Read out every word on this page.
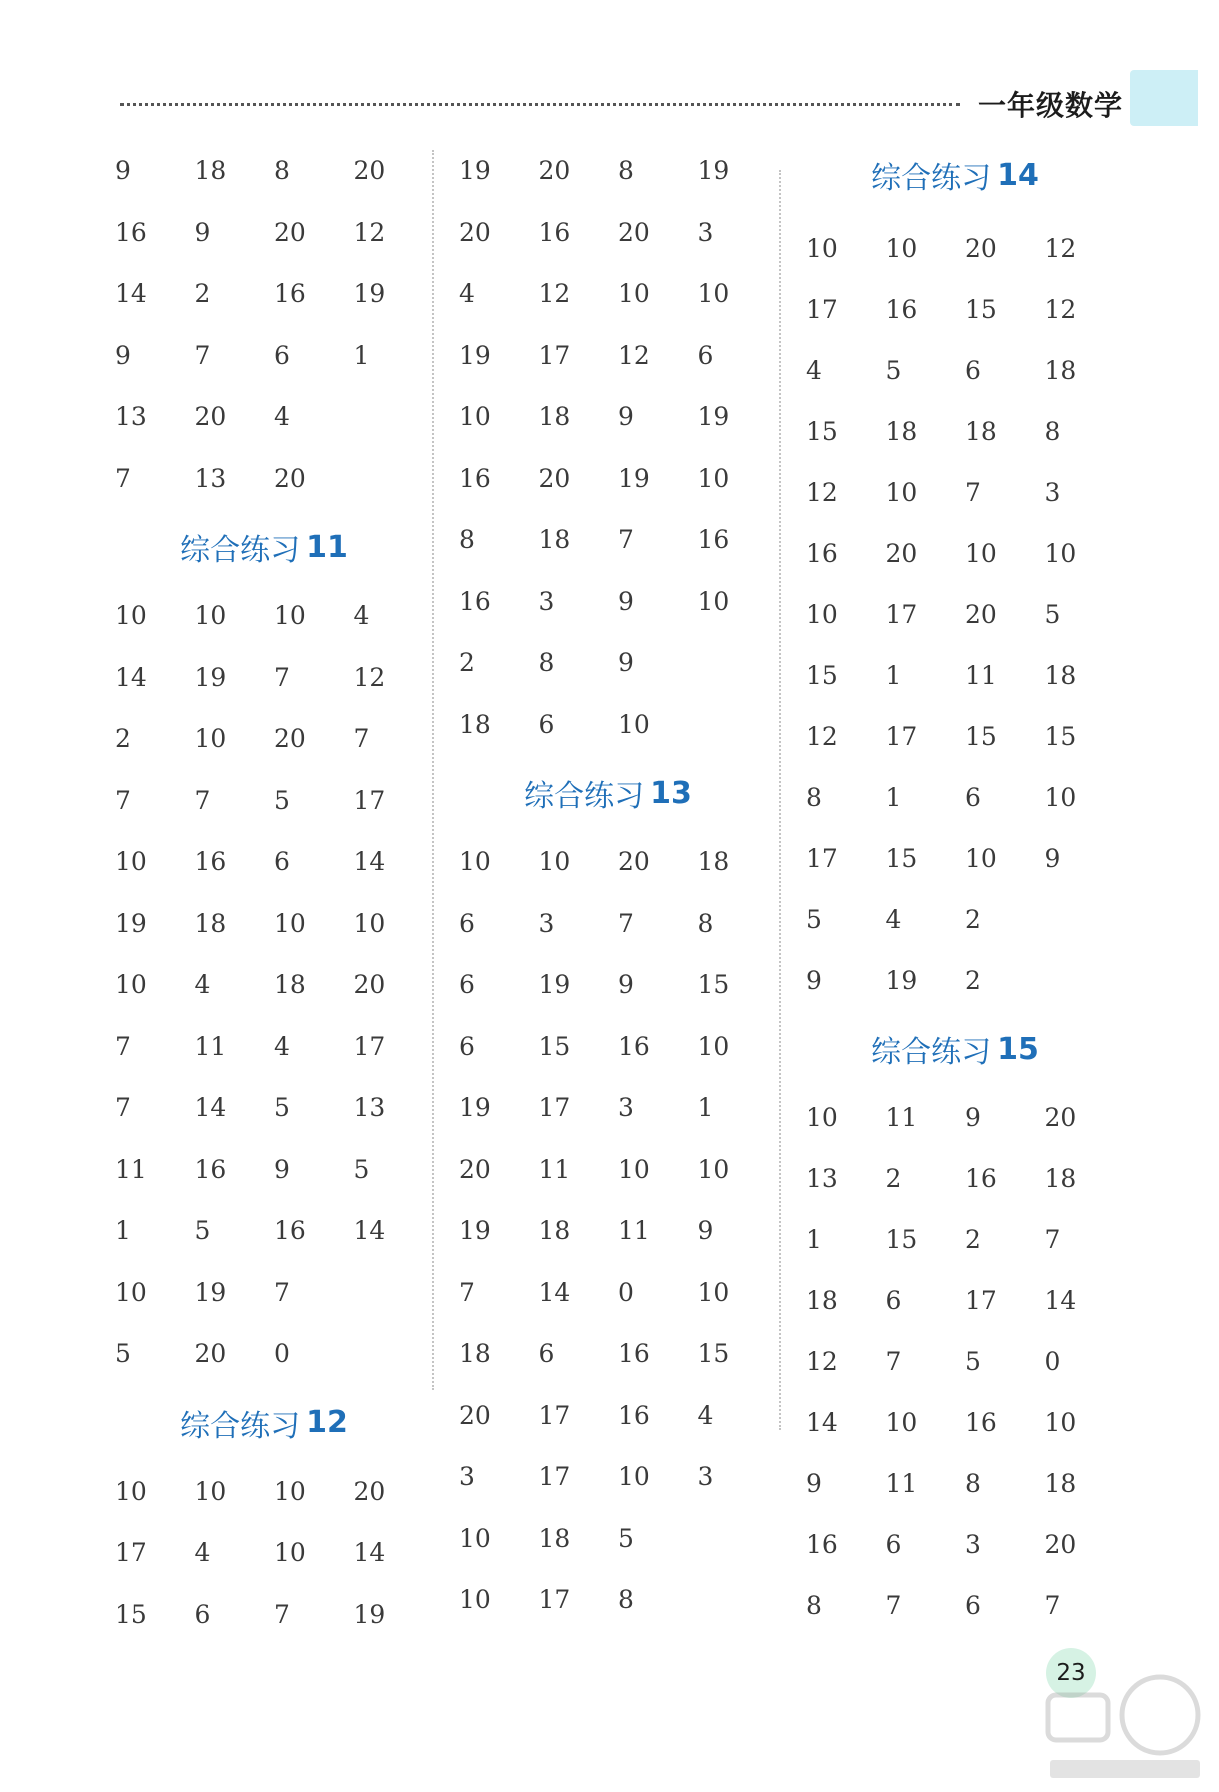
一年级数学
9	18	8	20
16	9	20	12
14	2	16	19
9	7	6	1
13	20	4
7	13	20
综合练习 11
10	10	10	4
14	19	7	12
2	10	20	7
7	7	5	17
10	16	6	14
19	18	10	10
10	4	18	20
7	11	4	17
7	14	5	13
11	16	9	5
1	5	16	14
10	19	7
5	20	0
综合练习 12
10	10	10	20
17	4	10	14
15	6	7	19
19	20	8	19
20	16	20	3
4	12	10	10
19	17	12	6
10	18	9	19
16	20	19	10
8	18	7	16
16	3	9	10
2	8	9
18	6	10
综合练习 13
10	10	20	18
6	3	7	8
6	19	9	15
6	15	16	10
19	17	3	1
20	11	10	10
19	18	11	9
7	14	0	10
18	6	16	15
20	17	16	4
3	17	10	3
10	18	5
10	17	8
综合练习 14
10	10	20	12
17	16	15	12
4	5	6	18
15	18	18	8
12	10	7	3
16	20	10	10
10	17	20	5
15	1	11	18
12	17	15	15
8	1	6	10
17	15	10	9
5	4	2
9	19	2
综合练习 15
10	11	9	20
13	2	16	18
1	15	2	7
18	6	17	14
12	7	5	0
14	10	16	10
9	11	8	18
16	6	3	20
8	7	6	7
23
